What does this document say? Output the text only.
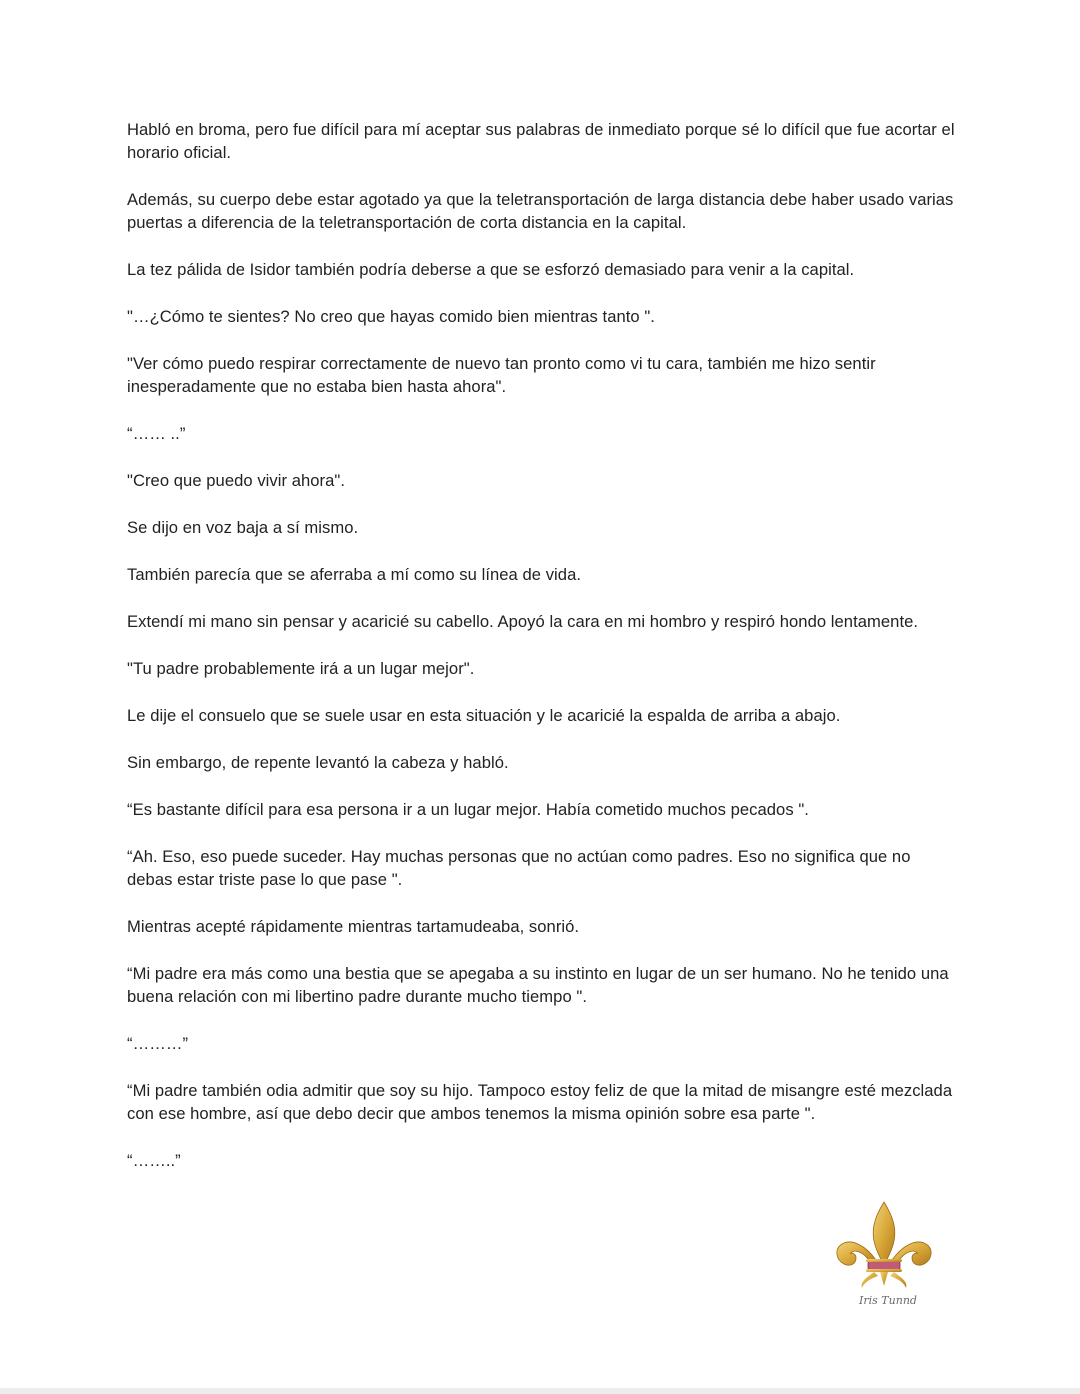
Habló en broma, pero fue difícil para mí aceptar sus palabras de inmediato porque sé lo difícil que fue acortar el horario oficial.

Además, su cuerpo debe estar agotado ya que la teletransportación de larga distancia debe haber usado varias puertas a diferencia de la teletransportación de corta distancia en la capital.

La tez pálida de Isidor también podría deberse a que se esforzó demasiado para venir a la capital.

"…¿Cómo te sientes? No creo que hayas comido bien mientras tanto ".

"Ver cómo puedo respirar correctamente de nuevo tan pronto como vi tu cara, también me hizo sentir inesperadamente que no estaba bien hasta ahora".

“…… ..”

"Creo que puedo vivir ahora".

Se dijo en voz baja a sí mismo.

También parecía que se aferraba a mí como su línea de vida.

Extendí mi mano sin pensar y acaricié su cabello. Apoyó la cara en mi hombro y respiró hondo lentamente.

"Tu padre probablemente irá a un lugar mejor".

Le dije el consuelo que se suele usar en esta situación y le acaricié la espalda de arriba a abajo.

Sin embargo, de repente levantó la cabeza y habló.

“Es bastante difícil para esa persona ir a un lugar mejor. Había cometido muchos pecados ".

“Ah. Eso, eso puede suceder. Hay muchas personas que no actúan como padres. Eso no significa que no debas estar triste pase lo que pase ".

Mientras acepté rápidamente mientras tartamudeaba, sonrió.

“Mi padre era más como una bestia que se apegaba a su instinto en lugar de un ser humano. No he tenido una buena relación con mi libertino padre durante mucho tiempo ".

“………”

“Mi padre también odia admitir que soy su hijo. Tampoco estoy feliz de que la mitad de misangre esté mezclada con ese hombre, así que debo decir que ambos tenemos la misma opinión sobre esa parte ".

“……..”

Iris Tunnd
